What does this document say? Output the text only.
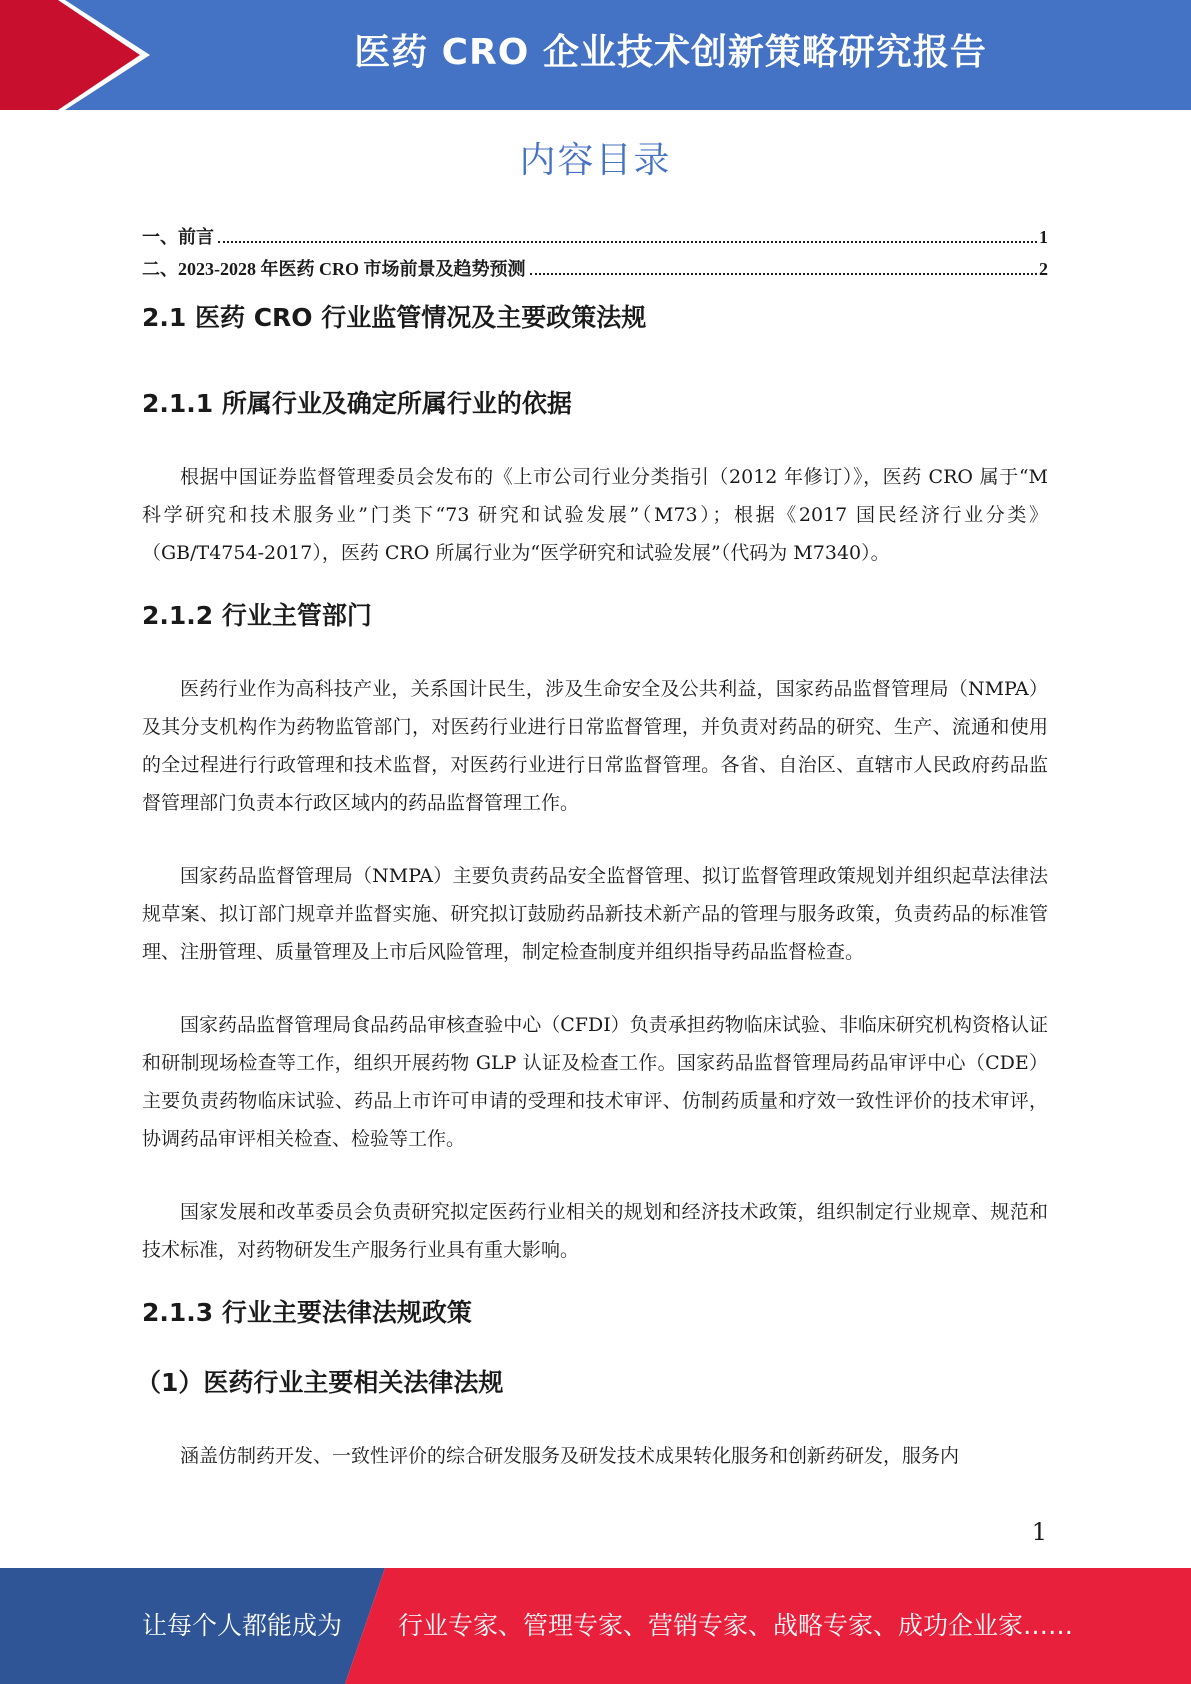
医药 CRO 企业技术创新策略研究报告
内容目录
一、前言	1
二、2023-2028 年医药 CRO 市场前景及趋势预测	2
2.1 医药 CRO 行业监管情况及主要政策法规
2.1.1 所属行业及确定所属行业的依据

根据中国证券监督管理委员会发布的《上市公司行业分类指引（2012 年修订）》，医药 CRO 属于“M 科学研究和技术服务业”门类下“73 研究和试验发展”（M73）；根据《2017 国民经济行业分类》（GB/T4754-2017），医药 CRO 所属行业为“医学研究和试验发展”（代码为 M7340）。

2.1.2 行业主管部门

医药行业作为高科技产业，关系国计民生，涉及生命安全及公共利益，国家药品监督管理局（NMPA）及其分支机构作为药物监管部门，对医药行业进行日常监督管理，并负责对药品的研究、生产、流通和使用的全过程进行行政管理和技术监督，对医药行业进行日常监督管理。各省、自治区、直辖市人民政府药品监督管理部门负责本行政区域内的药品监督管理工作。

国家药品监督管理局（NMPA）主要负责药品安全监督管理、拟订监督管理政策规划并组织起草法律法规草案、拟订部门规章并监督实施、研究拟订鼓励药品新技术新产品的管理与服务政策，负责药品的标准管理、注册管理、质量管理及上市后风险管理，制定检查制度并组织指导药品监督检查。

国家药品监督管理局食品药品审核查验中心（CFDI）负责承担药物临床试验、非临床研究机构资格认证和研制现场检查等工作，组织开展药物 GLP 认证及检查工作。国家药品监督管理局药品审评中心（CDE）主要负责药物临床试验、药品上市许可申请的受理和技术审评、仿制药质量和疗效一致性评价的技术审评，协调药品审评相关检查、检验等工作。

国家发展和改革委员会负责研究拟定医药行业相关的规划和经济技术政策，组织制定行业规章、规范和技术标准，对药物研发生产服务行业具有重大影响。

2.1.3 行业主要法律法规政策
（1）医药行业主要相关法律法规

涵盖仿制药开发、一致性评价的综合研发服务及研发技术成果转化服务和创新药研发，服务内

1
让每个人都能成为 行业专家、管理专家、营销专家、战略专家、成功企业家……
